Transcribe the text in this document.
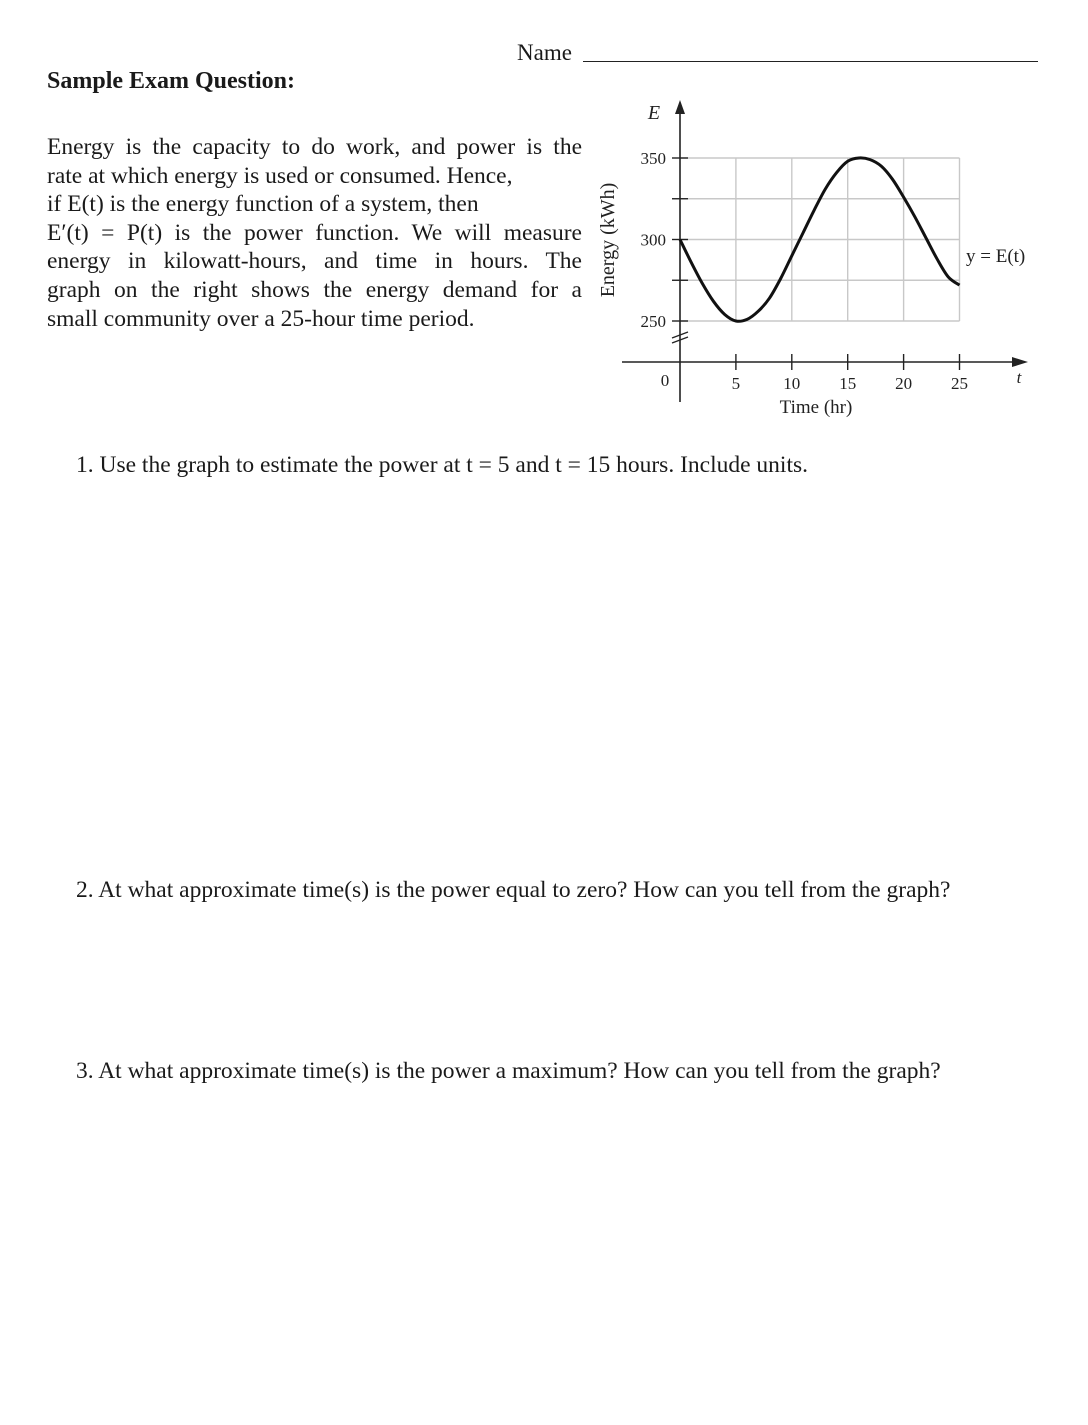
Name
Sample Exam Question:
Energy is the capacity to do work, and power is the
rate at which energy is used or consumed. Hence,
if E(t) is the energy function of a system, then
E′(t) = P(t) is the power function. We will measure
energy in kilowatt-hours, and time in hours. The
graph on the right shows the energy demand for a
small community over a 25-hour time period.	250
300
350
5	10 15 20 25
E
t
0
Time (hr)
Energy (kWh)	y = E(t)
1. Use the graph to estimate the power at t = 5 and t = 15 hours. Include units.
2. At what approximate time(s) is the power equal to zero? How can you tell from the graph?
3. At what approximate time(s) is the power a maximum? How can you tell from the graph?
